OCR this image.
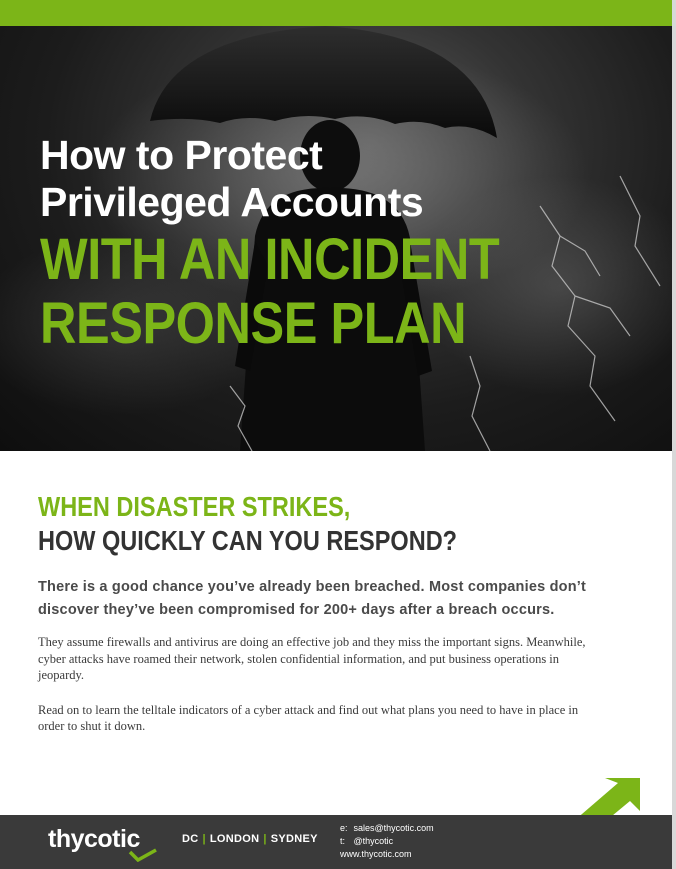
How to Protect
Privileged Accounts
WITH AN INCIDENT
RESPONSE PLAN
WHEN DISASTER STRIKES,
HOW QUICKLY CAN YOU RESPOND?

There is a good chance you’ve already been breached. Most companies don’t discover they’ve been compromised for 200+ days after a breach occurs.

They assume firewalls and antivirus are doing an effective job and they miss the important signs. Meanwhile, cyber attacks have roamed their network, stolen confidential information, and put business operations in jeopardy.

Read on to learn the telltale indicators of a cyber attack and find out what plans you need to have in place in order to shut it down.

thycotic	DC | LONDON | SYDNEY
e: sales@thycotic.com
t: @thycotic
www.thycotic.com
